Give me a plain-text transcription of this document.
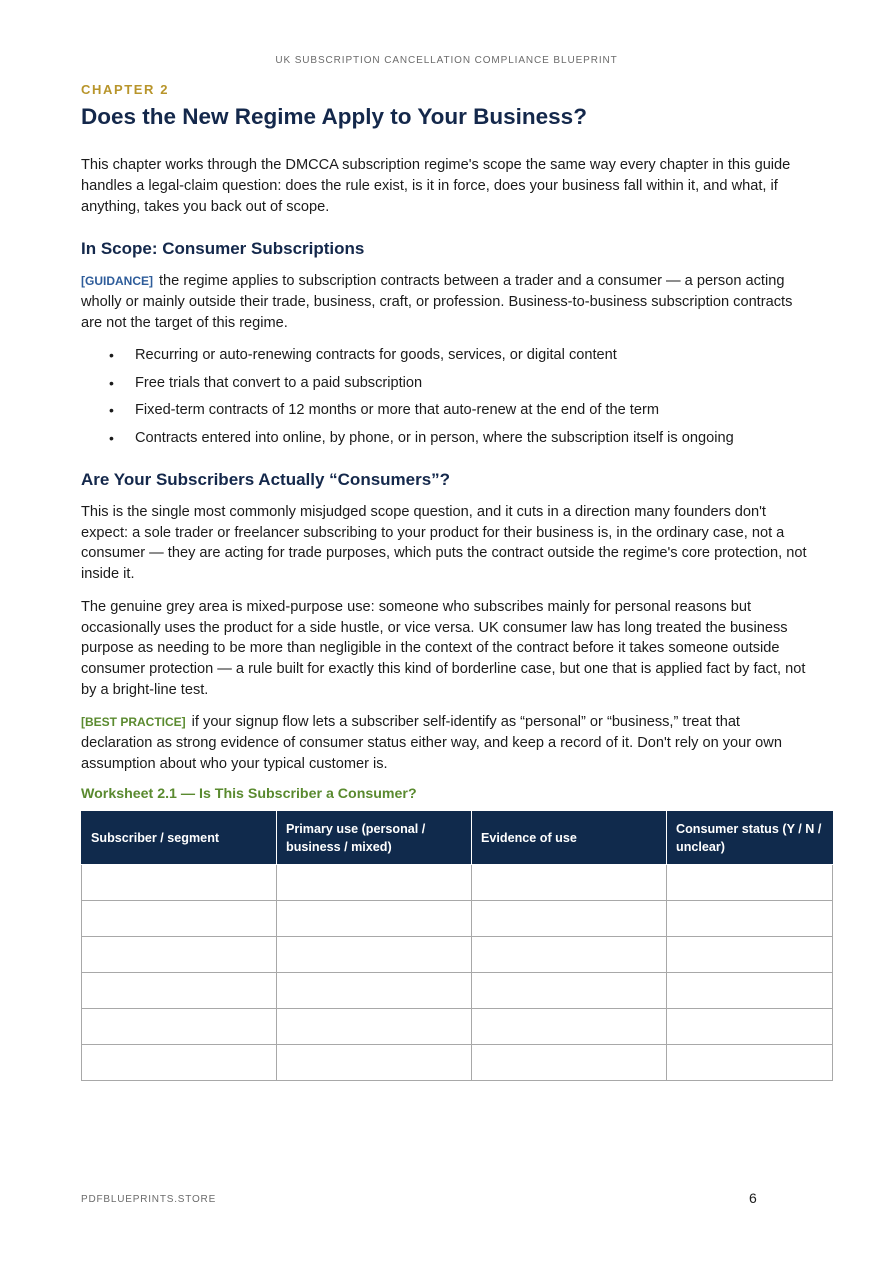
UK SUBSCRIPTION CANCELLATION COMPLIANCE BLUEPRINT
CHAPTER 2
Does the New Regime Apply to Your Business?

This chapter works through the DMCCA subscription regime's scope the same way every chapter in this guide handles a legal-claim question: does the rule exist, is it in force, does your business fall within it, and what, if anything, takes you back out of scope.

In Scope: Consumer Subscriptions

[GUIDANCE] the regime applies to subscription contracts between a trader and a consumer — a person acting wholly or mainly outside their trade, business, craft, or profession. Business-to-business subscription contracts are not the target of this regime.

• Recurring or auto-renewing contracts for goods, services, or digital content
• Free trials that convert to a paid subscription
• Fixed-term contracts of 12 months or more that auto-renew at the end of the term
• Contracts entered into online, by phone, or in person, where the subscription itself is ongoing
Are Your Subscribers Actually “Consumers”?

This is the single most commonly misjudged scope question, and it cuts in a direction many founders don't expect: a sole trader or freelancer subscribing to your product for their business is, in the ordinary case, not a consumer — they are acting for trade purposes, which puts the contract outside the regime's core protection, not inside it.

The genuine grey area is mixed-purpose use: someone who subscribes mainly for personal reasons but occasionally uses the product for a side hustle, or vice versa. UK consumer law has long treated the business purpose as needing to be more than negligible in the context of the contract before it takes someone outside consumer protection — a rule built for exactly this kind of borderline case, but one that is applied fact by fact, not by a bright-line test.

[BEST PRACTICE] if your signup flow lets a subscriber self-identify as “personal” or “business,” treat that declaration as strong evidence of consumer status either way, and keep a record of it. Don't rely on your own assumption about who your typical customer is.

Worksheet 2.1 — Is This Subscriber a Consumer?
Subscriber / segment	Primary use (personal / business / mixed)	Evidence of use	Consumer status (Y / N / unclear)

PDFBLUEPRINTS.STORE	6
